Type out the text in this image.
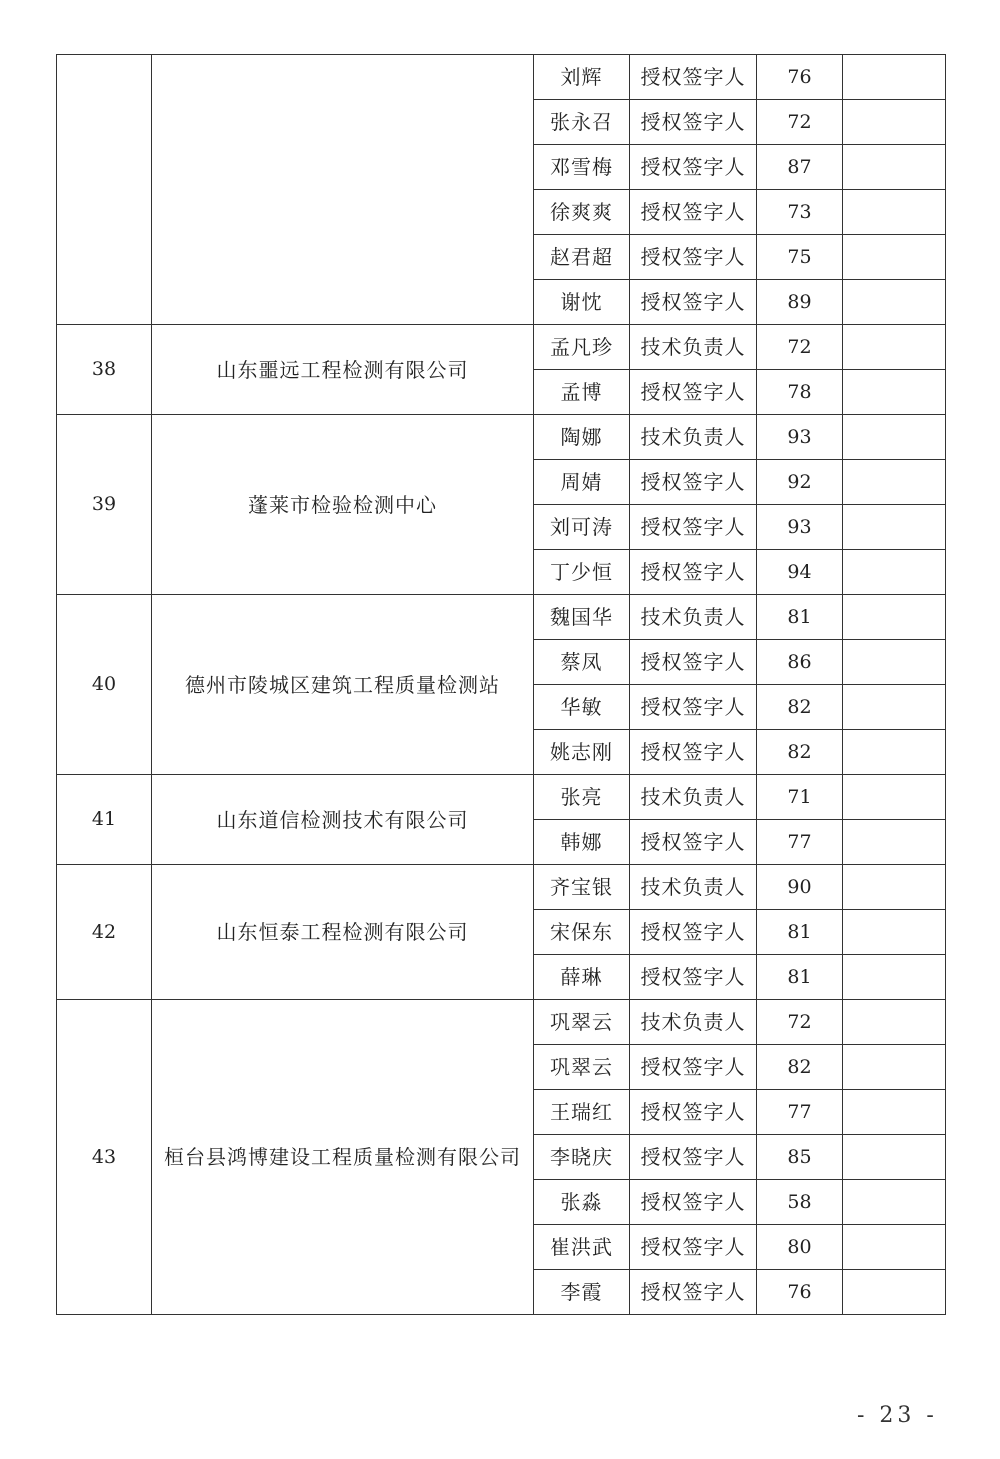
		刘辉	授权签字人	76	
		张永召	授权签字人	72	
		邓雪梅	授权签字人	87	
		徐爽爽	授权签字人	73	
		赵君超	授权签字人	75	
		谢忱	授权签字人	89	
38	山东噩远工程检测有限公司	孟凡珍	技术负责人	72	
		孟博	授权签字人	78	
39	蓬莱市检验检测中心	陶娜	技术负责人	93	
		周婧	授权签字人	92	
		刘可涛	授权签字人	93	
		丁少恒	授权签字人	94	
40	德州市陵城区建筑工程质量检测站	魏国华	技术负责人	81	
		蔡凤	授权签字人	86	
		华敏	授权签字人	82	
		姚志刚	授权签字人	82	
41	山东道信检测技术有限公司	张亮	技术负责人	71	
		韩娜	授权签字人	77	
42	山东恒泰工程检测有限公司	齐宝银	技术负责人	90	
		宋保东	授权签字人	81	
		薛琳	授权签字人	81	
43	桓台县鸿博建设工程质量检测有限公司	巩翠云	技术负责人	72	
		巩翠云	授权签字人	82	
		王瑞红	授权签字人	77	
		李晓庆	授权签字人	85	
		张淼	授权签字人	58	
		崔洪武	授权签字人	80	
		李霞	授权签字人	76	
- 23 -
